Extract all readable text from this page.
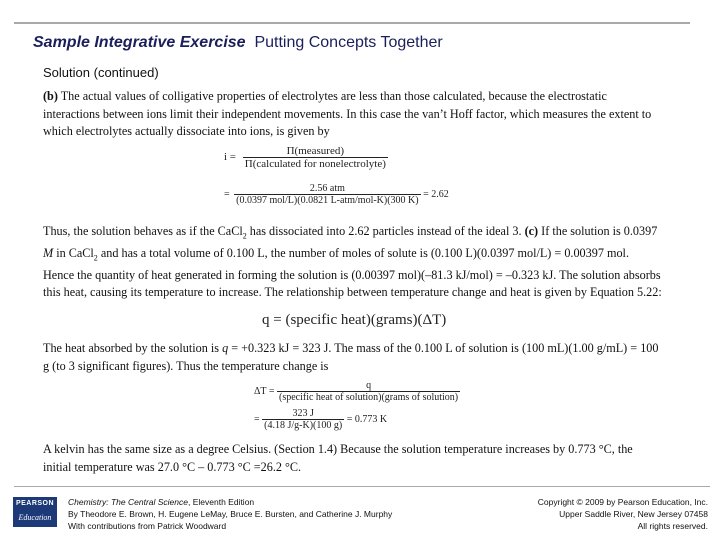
Sample Integrative Exercise Putting Concepts Together
Solution (continued)
(b) The actual values of colligative properties of electrolytes are less than those calculated, because the electrostatic interactions between ions limit their independent movements. In this case the van’t Hoff factor, which measures the extent to which electrolytes actually dissociate into ions, is given by
$i = \frac{\text{Π(measured)}}{\text{Π(calculated for nonelectrolyte)}}$
= $\frac{\text{2.56 atm}}{\text{(0.0397 mol/L)(0.0821 L-atm/mol-K)(300 K)}} = 2.62$
Thus, the solution behaves as if the CaCl$_2$ has dissociated into 2.62 particles instead of the ideal 3. (c) If the solution is 0.0397 M in CaCl$_2$ and has a total volume of 0.100 L, the number of moles of solute is (0.100 L)(0.0397 mol/L) = 0.00397 mol. Hence the quantity of heat generated in forming the solution is (0.00397 mol)(–81.3 kJ/mol) = –0.323 kJ. The solution absorbs this heat, causing its temperature to increase. The relationship between temperature change and heat is given by Equation 5.22:
q = (specific heat)(grams)(ΔT)
The heat absorbed by the solution is q = +0.323 kJ = 323 J. The mass of the 0.100 L of solution is (100 mL)(1.00 g/mL) = 100 g (to 3 significant figures). Thus the temperature change is
$\Delta T = \frac{q}{\text{(specific heat of solution)(grams of solution)}}$
= $\frac{323 J}{(4.18 J/g-K)(100 g)} = 0.773$ K
A kelvin has the same size as a degree Celsius. (Section 1.4) Because the solution temperature increases by 0.773 °C, the initial temperature was 27.0 °C – 0.773 °C =26.2 °C.
PEARSON
Education
Chemistry: The Central Science, Eleventh Edition
By Theodore E. Brown, H. Eugene LeMay, Bruce E. Bursten, and Catherine J. Murphy
With contributions from Patrick Woodward
Copyright © 2009 by Pearson Education, Inc.
Upper Saddle River, New Jersey 07458
All rights reserved.
